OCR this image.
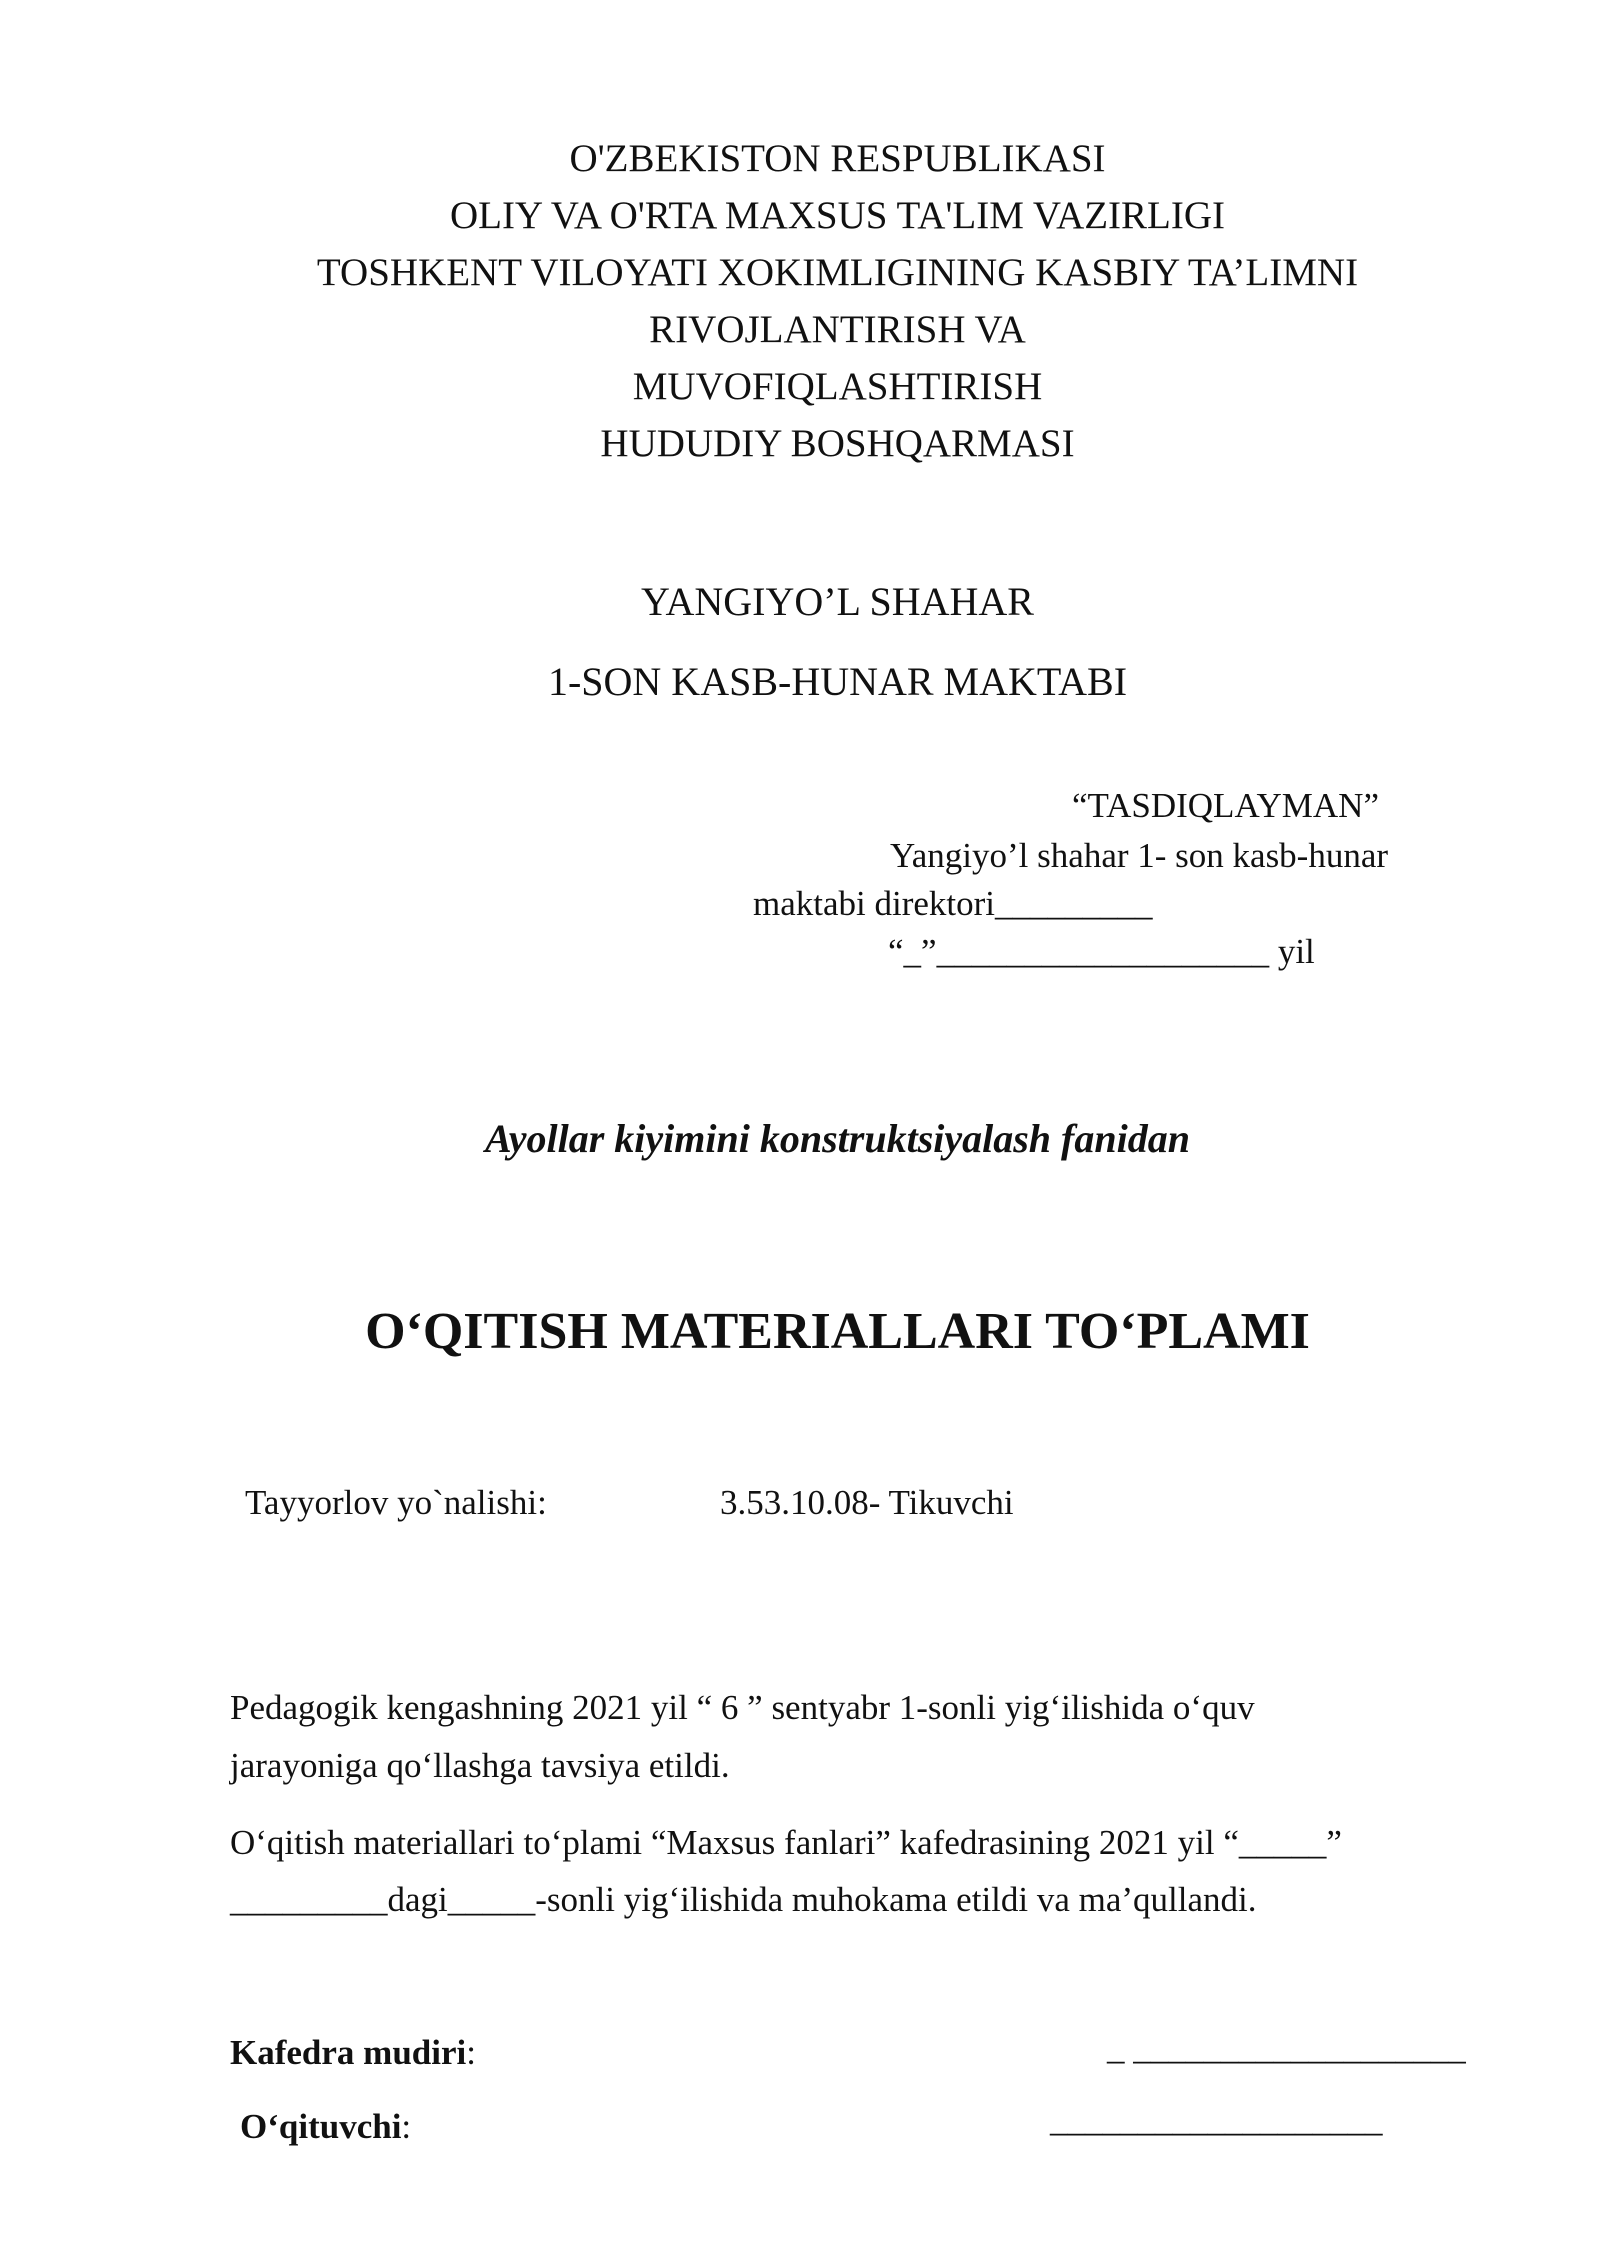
O'ZBEKISTON RESPUBLIKASI
OLIY VA O'RTA MAXSUS TA'LIM VAZIRLIGI
TOSHKENT VILOYATI XOKIMLIGINING KASBIY TA’LIMNI
RIVOJLANTIRISH VA
MUVOFIQLASHTIRISH
HUDUDIY BOSHQARMASI
YANGIYO’L SHAHAR
1-SON KASB-HUNAR MAKTABI
“TASDIQLAYMAN”
Yangiyo’l shahar 1- son kasb-hunar
maktabi direktori_________
“_”___________________ yil
Ayollar kiyimini konstruktsiyalash fanidan
O‘QITISH MATERIALLARI TO‘PLAMI
Tayyorlov yo`nalishi:	3.53.10.08- Tikuvchi
Pedagogik kengashning 2021 yil “ 6 ” sentyabr 1-sonli yig‘ilishida o‘quv
jarayoniga qo‘llashga tavsiya etildi.
O‘qitish materiallari to‘plami “Maxsus fanlari” kafedrasining 2021 yil “_____”
_________dagi_____-sonli yig‘ilishida muhokama etildi va ma’qullandi.
Kafedra mudiri:	_ ___________________
O‘qituvchi:	___________________
